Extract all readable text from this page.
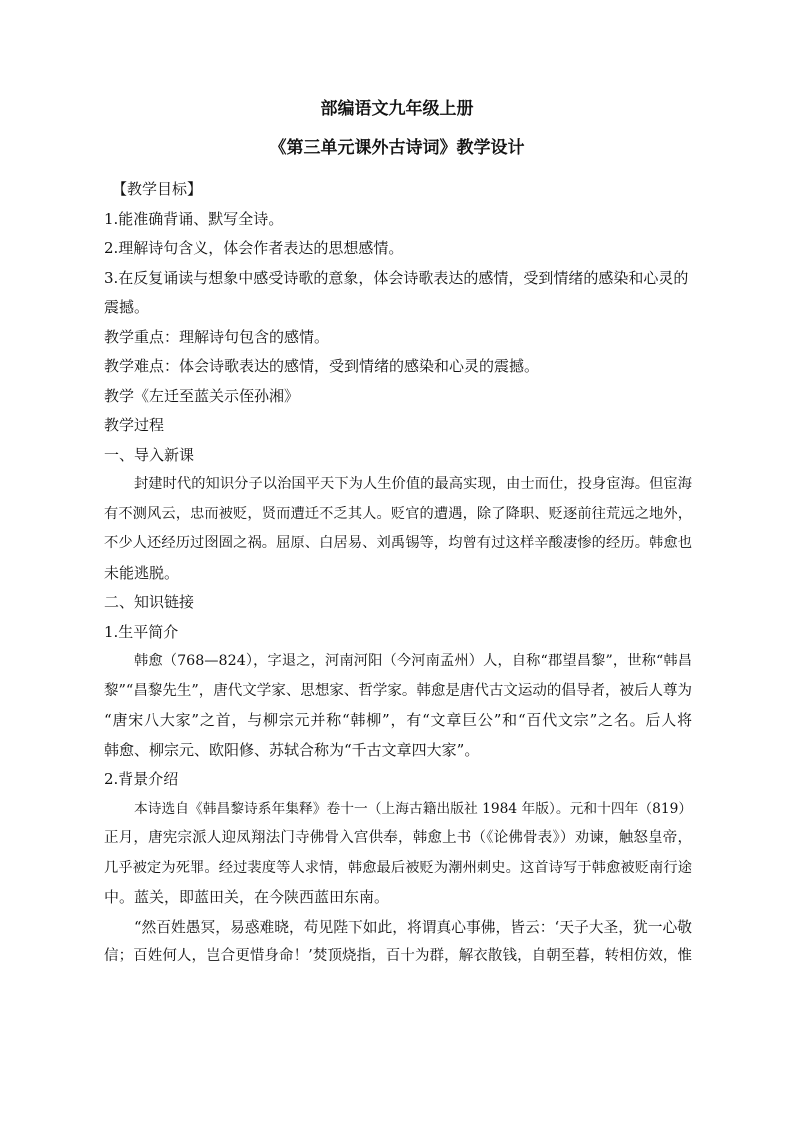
部编语文九年级上册
《第三单元课外古诗词》教学设计

【教学目标】

1.能准确背诵、默写全诗。

2.理解诗句含义，体会作者表达的思想感情。

3.在反复诵读与想象中感受诗歌的意象，体会诗歌表达的感情，受到情绪的感染和心灵的

震撼。

教学重点：理解诗句包含的感情。

教学难点：体会诗歌表达的感情，受到情绪的感染和心灵的震撼。

教学《左迁至蓝关示侄孙湘》

教学过程

一、导入新课

封建时代的知识分子以治国平天下为人生价值的最高实现，由士而仕，投身宦海。但宦海
有不测风云，忠而被贬，贤而遭迁不乏其人。贬官的遭遇，除了降职、贬逐前往荒远之地外，
不少人还经历过囹圄之祸。屈原、白居易、刘禹锡等，均曾有过这样辛酸凄惨的经历。韩愈也
未能逃脱。

二、知识链接

1.生平简介

韩愈（768—824），字退之，河南河阳（今河南孟州）人，自称“郡望昌黎”，世称“韩昌
黎”“昌黎先生”，唐代文学家、思想家、哲学家。韩愈是唐代古文运动的倡导者，被后人尊为
“唐宋八大家”之首，与柳宗元并称“韩柳”，有“文章巨公”和“百代文宗”之名。后人将
韩愈、柳宗元、欧阳修、苏轼合称为“千古文章四大家”。

2.背景介绍

本诗选自《韩昌黎诗系年集释》卷十一（上海古籍出版社 1984 年版）。元和十四年（819）
正月，唐宪宗派人迎凤翔法门寺佛骨入宫供奉，韩愈上书（《论佛骨表》）劝谏，触怒皇帝，
几乎被定为死罪。经过裴度等人求情，韩愈最后被贬为潮州刺史。这首诗写于韩愈被贬南行途
中。蓝关，即蓝田关，在今陕西蓝田东南。
“然百姓愚冥，易惑难晓，苟见陛下如此，将谓真心事佛，皆云：‘天子大圣，犹一心敬
信；百姓何人，岂合更惜身命！’焚顶烧指，百十为群，解衣散钱，自朝至暮，转相仿效，惟
